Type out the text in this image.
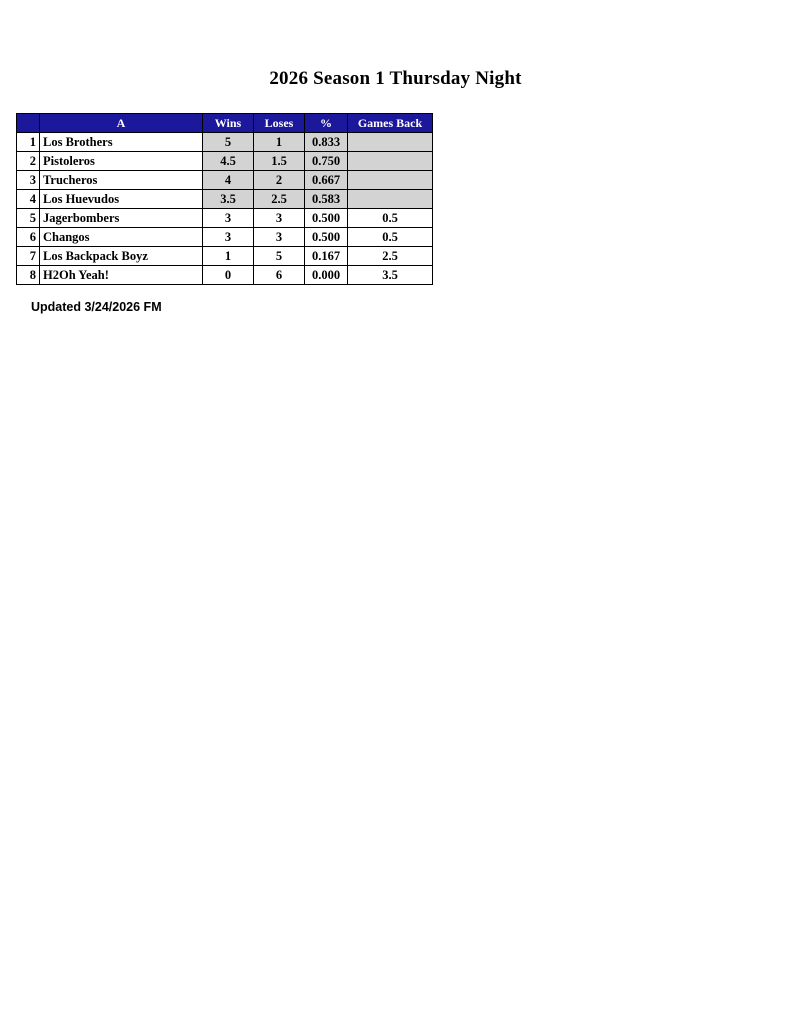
2026 Season 1 Thursday Night
	A	Wins	Loses	%	Games Back
1	Los Brothers	5	1	0.833	
2	Pistoleros	4.5	1.5	0.750	
3	Trucheros	4	2	0.667	
4	Los Huevudos	3.5	2.5	0.583	
5	Jagerbombers	3	3	0.500	0.5
6	Changos	3	3	0.500	0.5
7	Los Backpack Boyz	1	5	0.167	2.5
8	H2Oh Yeah!	0	6	0.000	3.5
Updated 3/24/2026 FM
